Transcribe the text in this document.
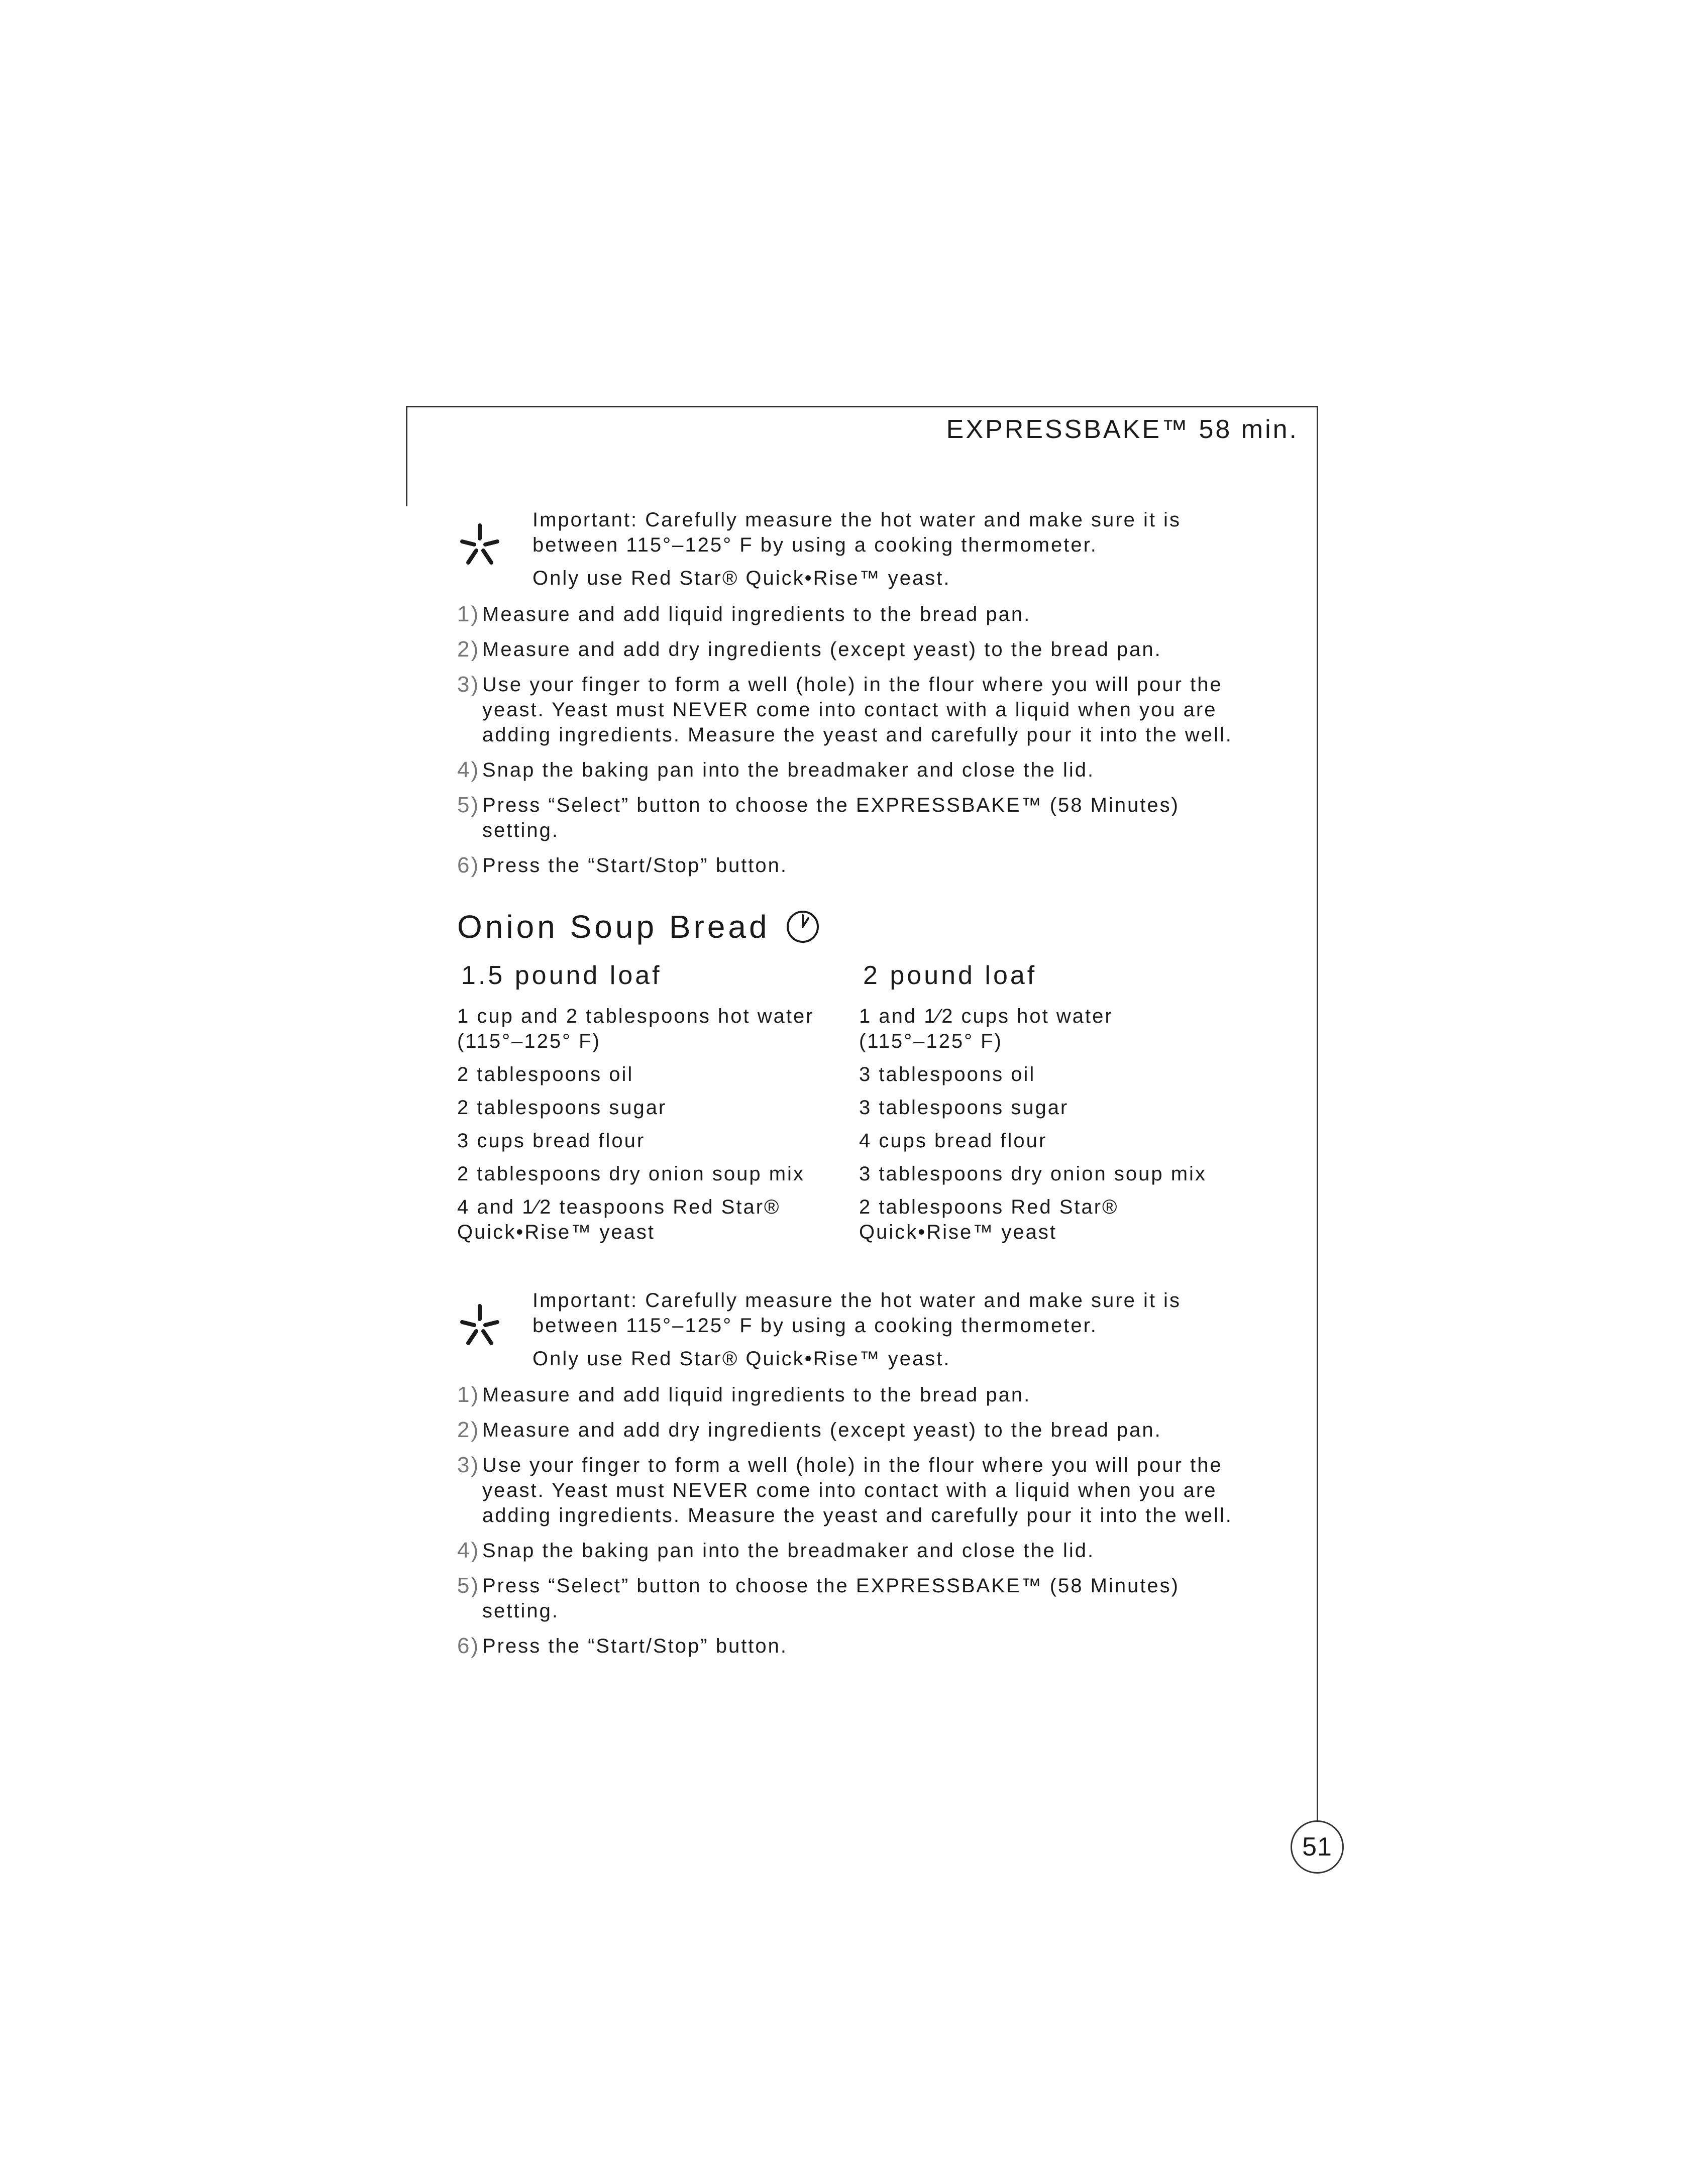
EXPRESSBAKE™ 58 min.

Important: Carefully measure the hot water and make sure it is
between 115°–125° F by using a cooking thermometer.

Only use Red Star® Quick•Rise™ yeast.

1) Measure and add liquid ingredients to the bread pan.
2) Measure and add dry ingredients (except yeast) to the bread pan.
3) Use your finger to form a well (hole) in the flour where you will pour the yeast. Yeast must NEVER come into contact with a liquid when you are adding ingredients. Measure the yeast and carefully pour it into the well.
4) Snap the baking pan into the breadmaker and close the lid.
5) Press “Select” button to choose the EXPRESSBAKE™ (58 Minutes) setting.
6) Press the “Start/Stop” button.
Onion Soup Bread
1.5 pound loaf
1 cup and 2 tablespoons hot water
(115°–125° F)
2 tablespoons oil
2 tablespoons sugar
3 cups bread flour
2 tablespoons dry onion soup mix
4 and 1⁄2 teaspoons Red Star®
Quick•Rise™ yeast
2 pound loaf
1 and 1⁄2 cups hot water
(115°–125° F)
3 tablespoons oil
3 tablespoons sugar
4 cups bread flour
3 tablespoons dry onion soup mix
2 tablespoons Red Star®
Quick•Rise™ yeast

Important: Carefully measure the hot water and make sure it is
between 115°–125° F by using a cooking thermometer.

Only use Red Star® Quick•Rise™ yeast.

1) Measure and add liquid ingredients to the bread pan.
2) Measure and add dry ingredients (except yeast) to the bread pan.
3) Use your finger to form a well (hole) in the flour where you will pour the yeast. Yeast must NEVER come into contact with a liquid when you are adding ingredients. Measure the yeast and carefully pour it into the well.
4) Snap the baking pan into the breadmaker and close the lid.
5) Press “Select” button to choose the EXPRESSBAKE™ (58 Minutes) setting.
6) Press the “Start/Stop” button.
51
